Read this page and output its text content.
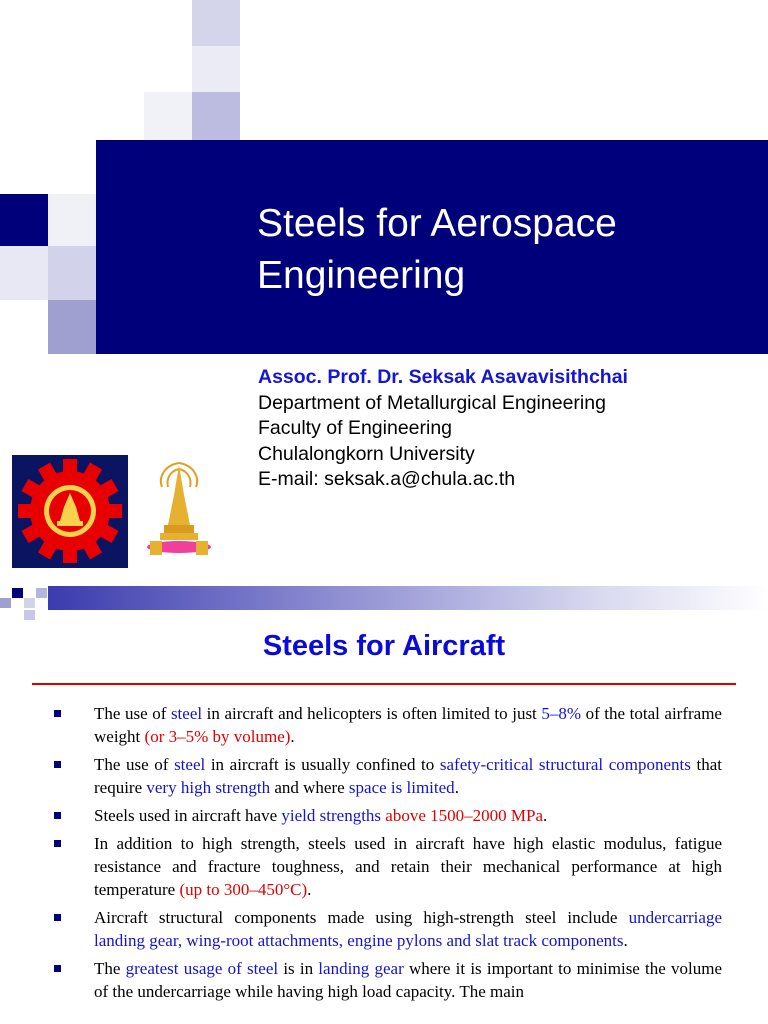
Steels for Aerospace
Engineering
Assoc. Prof. Dr. Seksak Asavavisithchai
Department of Metallurgical Engineering
Faculty of Engineering
Chulalongkorn University
E-mail: seksak.a@chula.ac.th
Steels for Aircraft
The use of steel in aircraft and helicopters is often limited to just 5–8% of the total airframe weight (or 3–5% by volume).
The use of steel in aircraft is usually confined to safety-critical structural components that require very high strength and where space is limited.
Steels used in aircraft have yield strengths above 1500–2000 MPa.
In addition to high strength, steels used in aircraft have high elastic modulus, fatigue resistance and fracture toughness, and retain their mechanical performance at high temperature (up to 300–450°C).
Aircraft structural components made using high-strength steel include undercarriage landing gear, wing-root attachments, engine pylons and slat track components.
The greatest usage of steel is in landing gear where it is important to minimise the volume of the undercarriage while having high load capacity. The main
